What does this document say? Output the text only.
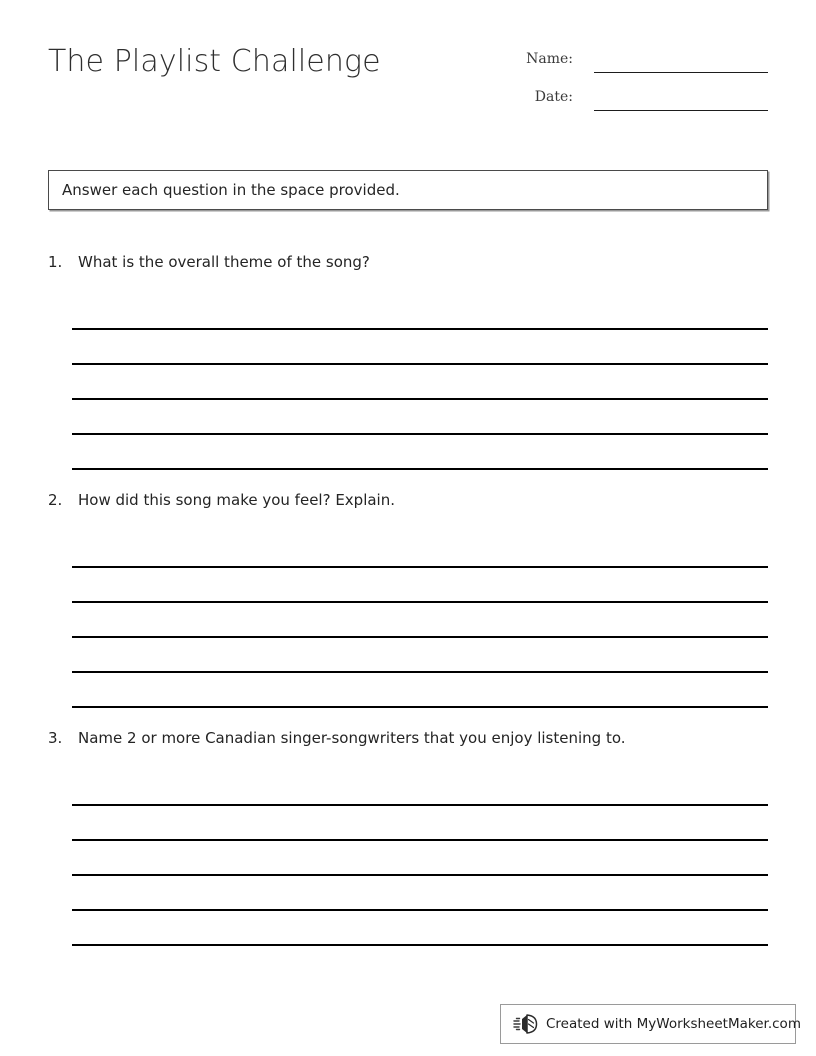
The Playlist Challenge	Name:
Date:
Answer each question in the space provided.
1.	What is the overall theme of the song?
2.	How did this song make you feel? Explain.
3.	Name 2 or more Canadian singer-songwriters that you enjoy listening to.
Created with MyWorksheetMaker.com
